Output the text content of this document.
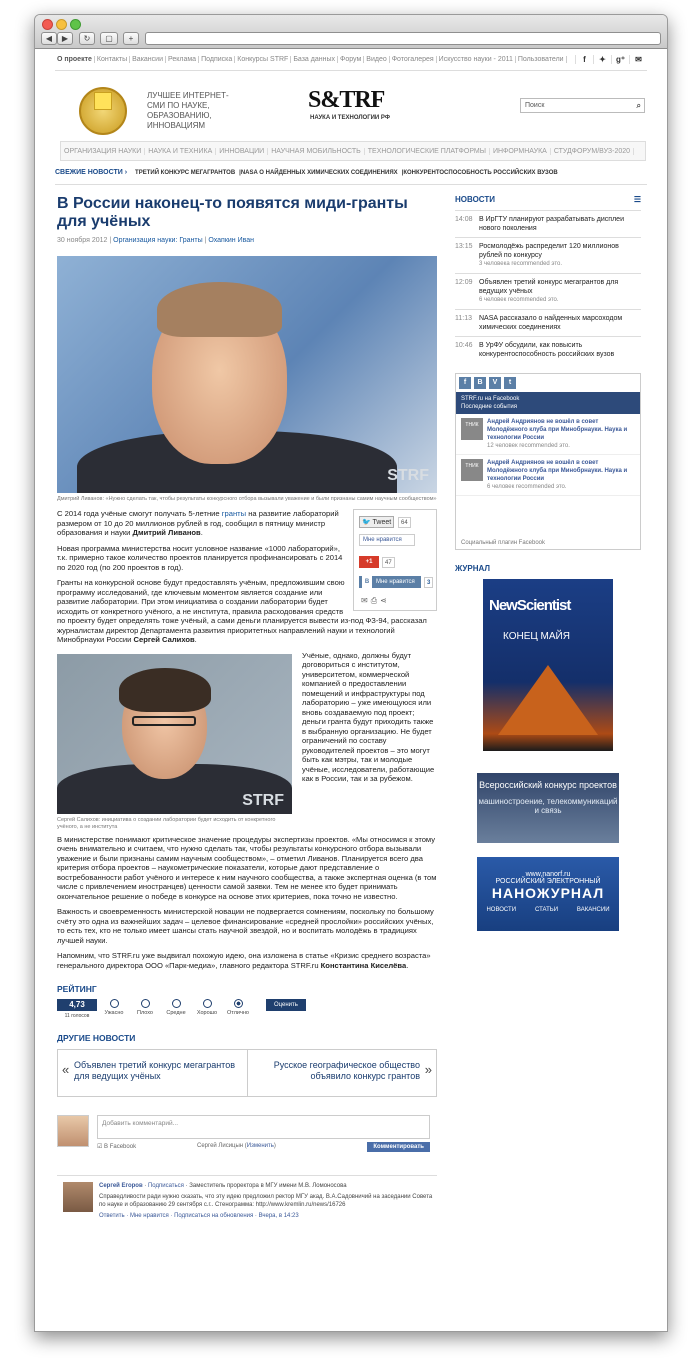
◀	▶	↻	▢	+
О проекте Контакты Вакансии Реклама Подписка Конкурсы STRF База данных Форум Видео Фотогалерея Искусство науки - 2011 Пользователи	f	✦	g⁺	✉
ЛУЧШЕЕ ИНТЕРНЕТ-СМИ ПО НАУКЕ, ОБРАЗОВАНИЮ, ИННОВАЦИЯМ
S&TRF
НАУКА И ТЕХНОЛОГИИ РФ
Поиск	⌕
ОРГАНИЗАЦИЯ НАУКИ	НАУКА И ТЕХНИКА	ИННОВАЦИИ	НАУЧНАЯ МОБИЛЬНОСТЬ	ТЕХНОЛОГИЧЕСКИЕ ПЛАТФОРМЫ	ИНФОРМНАУКА	СТУДФОРУМ/ВУЗ-2020
СВЕЖИЕ НОВОСТИ › ТРЕТИЙ КОНКУРС МЕГАГРАНТОВ | NASA О НАЙДЕННЫХ ХИМИЧЕСКИХ СОЕДИНЕНИЯХ | КОНКУРЕНТОСПОСОБНОСТЬ РОССИЙСКИХ ВУЗОВ
В России наконец-то появятся миди-гранты для учёных
30 ноября 2012 | Организация науки: Гранты | Охапкин Иван
STRF
Дмитрий Ливанов: «Нужно сделать так, чтобы результаты конкурсного отбора вызывали уважение и были признаны самим научным сообществом»
🐦 Tweet	64
Мне нравится
+1	47
B Мне нравится	3
✉⎙⋖
С 2014 года учёные смогут получать 5-летние гранты на развитие лабораторий размером от 10 до 20 миллионов рублей в год, сообщил в пятницу министр образования и науки Дмитрий Ливанов.
Новая программа министерства носит условное название «1000 лабораторий», т.к. примерно такое количество проектов планируется профинансировать с 2014 по 2020 год (по 200 проектов в год).
Гранты на конкурсной основе будут предоставлять учёным, предложившим свою программу исследований, где ключевым моментом является создание или развитие лаборатории. При этом инициатива о создании лаборатории будет исходить от конкретного учёного, а не института, правила расходования средств по проекту будет определять тоже учёный, а сами деньги планируется вывести из-под ФЗ-94, рассказал журналистам директор Департамента развития приоритетных направлений науки и технологий Минобрнауки России Сергей Салихов.
STRF
Сергей Салихов: инициатива о создании лаборатории будет исходить от конкретного учёного, а не института
Учёные, однако, должны будут договориться с институтом, университетом, коммерческой компанией о предоставлении помещений и инфраструктуры под лабораторию – уже имеющуюся или вновь создаваемую под проект; деньги гранта будут приходить также в выбранную организацию. Не будет ограничений по составу руководителей проектов – это могут быть как мэтры, так и молодые учёные, исследователи, работающие как в России, так и за рубежом.
В министерстве понимают критическое значение процедуры экспертизы проектов. «Мы относимся к этому очень внимательно и считаем, что нужно сделать так, чтобы результаты конкурсного отбора вызывали уважение и были признаны самим научным сообществом», – отметил Ливанов. Планируется всего два критерия отбора проектов – наукометрические показатели, которые дают представление о востребованности работ учёного и интересе к ним научного сообщества, а также экспертная оценка (в том числе с привлечением иностранцев) ценности самой заявки. Тем не менее кто будет принимать окончательное решение о победе в конкурсе на основе этих критериев, пока точно не известно.
Важность и своевременность министерской новации не подвергается сомнениям, поскольку по большому счёту это одна из важнейших задач – целевое финансирование «средней прослойки» российских учёных, то есть тех, кто не только имеет шансы стать научной звездой, но и воспитать молодёжь в традициях лучшей науки.
Напомним, что STRF.ru уже выдвигал похожую идею, она изложена в статье «Кризис среднего возраста» генерального директора ООО «Парк-медиа», главного редактора STRF.ru Константина Киселёва.
РЕЙТИНГ
4,73
11 голосов	Ужасно	Плохо	Средне	Хорошо	Отлично
Оценить
ДРУГИЕ НОВОСТИ
« Объявлен третий конкурс мегагрантов для ведущих учёных
Русское географическое общество объявило конкурс грантов »
Добавить комментарий...
☑ В Facebook	Сергей Лисицын (Изменить)	Комментировать
Сергей Егоров · Подписаться · Заместитель проректора в МГУ имени М.В. Ломоносова
Справедливости ради нужно сказать, что эту идею предложил ректор МГУ акад. В.А.Садовничий на заседании Совета по науке и образованию 29 сентября с.г.. Стенограмма: http://www.kremlin.ru/news/16726
Ответить · Мне нравится · Подписаться на обновления · Вчера, в 14:23
НОВОСТИ	☰
14:08 В ИрГТУ планируют разрабатывать дисплеи нового поколения
13:15 Росмолодёжь распределит 120 миллионов рублей по конкурсу
3 человека recommended это.
12:09 Объявлен третий конкурс мегагрантов для ведущих учёных
6 человек recommended это.
11:13	NASA рассказало о найденных марсоходом химических соединениях
10:46 В УрФУ обсудили, как повысить конкурентоспособность российских вузов
f	B	V	t
STRF.ru на Facebook
Последние события
ТНИК	Андрей Андриянов не вошёл в совет Молодёжного клуба при Минобрнауки. Наука и технологии России
12 человек recommended это.
ТНИК	Андрей Андриянов не вошёл в совет Молодёжного клуба при Минобрнауки. Наука и технологии России
6 человек recommended это.
Социальный плагин Facebook
ЖУРНАЛ
NewScientist
КОНЕЦ МАЙЯ
Всероссийский конкурс проектов
машиностроение, телекоммуникаций и связь
www.nanorf.ru
РОССИЙСКИЙ ЭЛЕКТРОННЫЙ
НАНОЖУРНАЛ
НОВОСТИ	СТАТЬИ	ВАКАНСИИ
